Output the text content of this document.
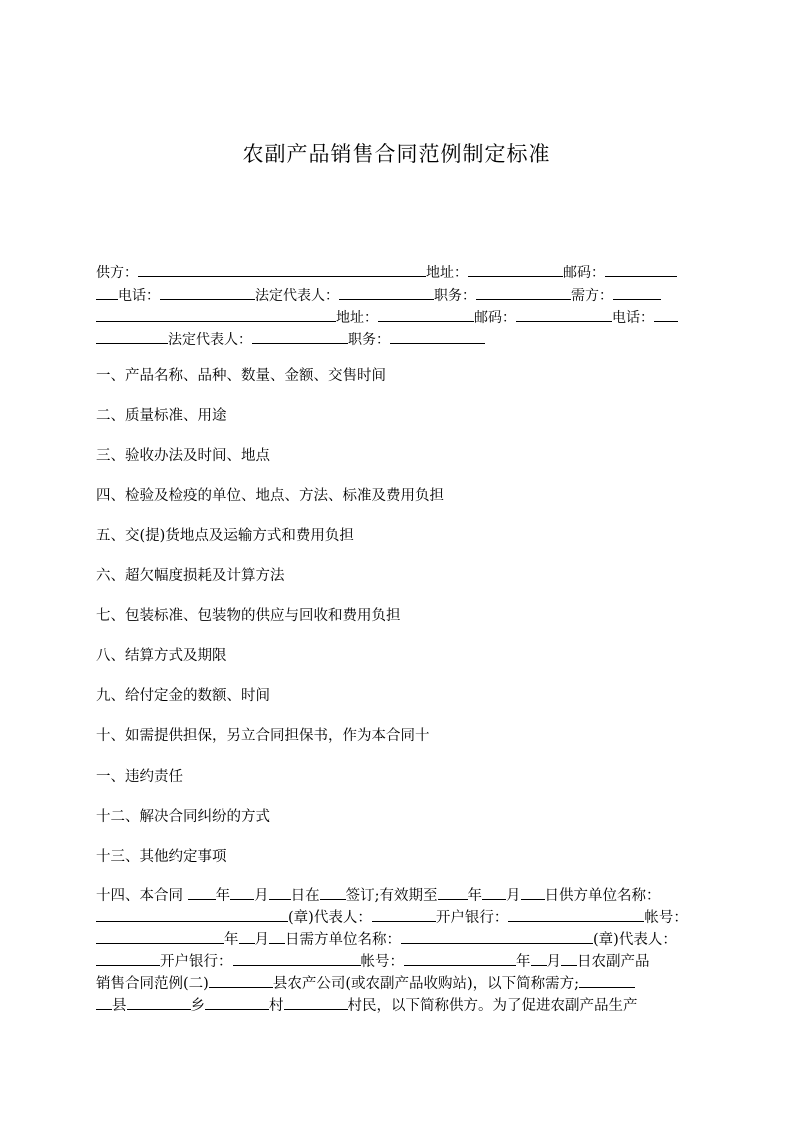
农副产品销售合同范例制定标准
供方：	地址：	邮码：
电话：	法定代表人：	职务：	需方：
地址：	邮码：	电话：
法定代表人：	职务：
一、产品名称、品种、数量、金额、交售时间
二、质量标准、用途
三、验收办法及时间、地点
四、检验及检疫的单位、地点、方法、标准及费用负担
五、交(提)货地点及运输方式和费用负担
六、超欠幅度损耗及计算方法
七、包装标准、包装物的供应与回收和费用负担
八、结算方式及期限
九、给付定金的数额、时间
十、如需提供担保，另立合同担保书，作为本合同十
一、违约责任
十二、解决合同纠纷的方式
十三、其他约定事项
十四、本合同 年 月 日在 签订;有效期至 年 月 日供方单位名称：
(章)代表人：	开户银行：	帐号：
年 月 日需方单位名称：	(章)代表人：
开户银行：	帐号：	年 月 日农副产品
销售合同范例(二)	县农产公司(或农副产品收购站)，以下简称需方;
县	乡	村	村民，以下简称供方。为了促进农副产品生产
